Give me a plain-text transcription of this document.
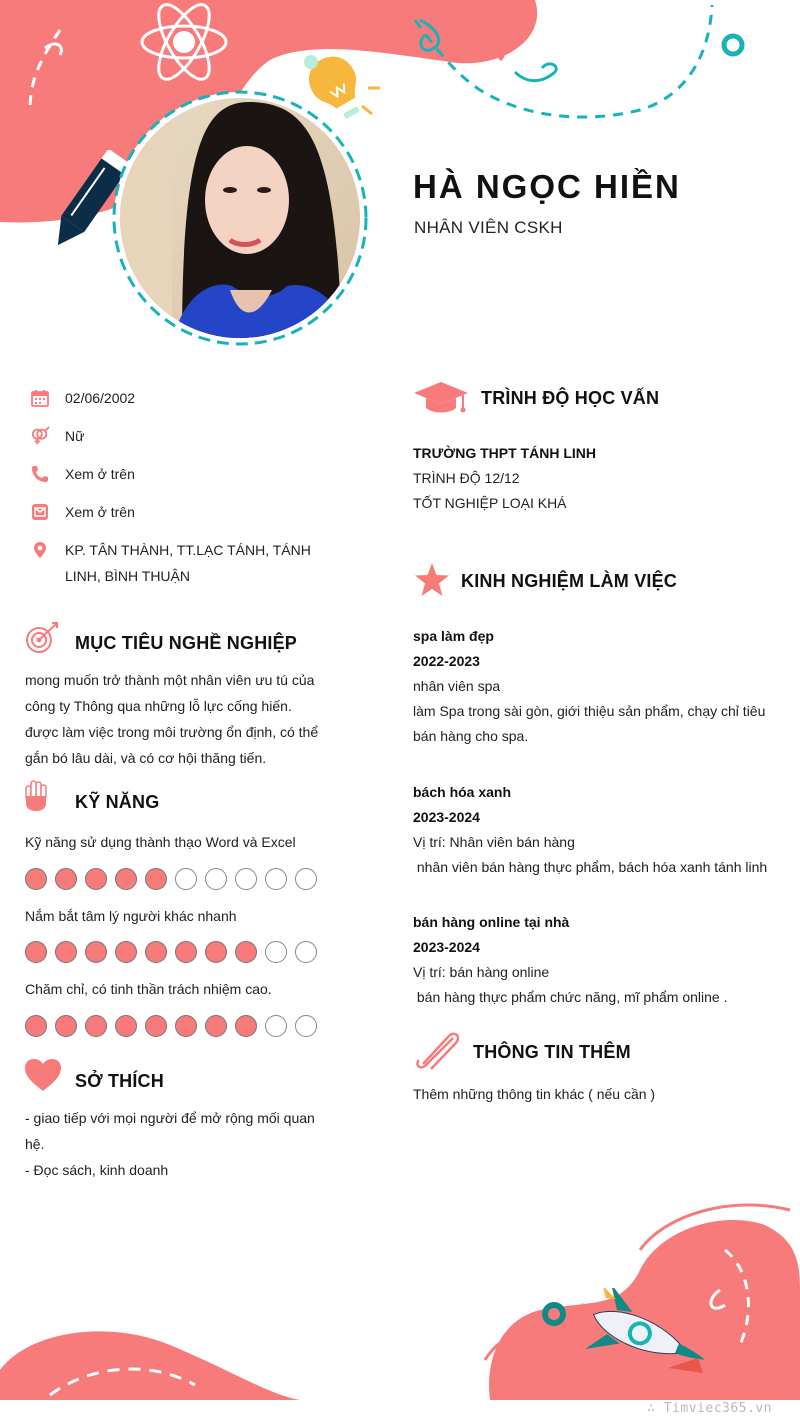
HÀ NGỌC HIỀN
NHÂN VIÊN CSKH
02/06/2002
Nữ
Xem ở trên
Xem ở trên
KP. TÂN THÀNH, TT.LẠC TÁNH, TÁNH LINH, BÌNH THUẬN
MỤC TIÊU NGHỀ NGHIỆP
mong muốn trở thành một nhân viên ưu tú của công ty Thông qua những lỗ lực cống hiến. được làm việc trong môi trường ổn định, có thể gắn bó lâu dài, và có cơ hội thăng tiến.
KỸ NĂNG
Kỹ năng sử dụng thành thạo Word và Excel
Nắm bắt tâm lý người khác nhanh
Chăm chỉ, có tinh thần trách nhiệm cao.
SỞ THÍCH
- giao tiếp với mọi người để mở rộng mối quan hệ.
- Đọc sách, kinh doanh
TRÌNH ĐỘ HỌC VẤN
TRƯỜNG THPT TÁNH LINH
TRÌNH ĐỘ 12/12
TỐT NGHIỆP LOẠI KHÁ
KINH NGHIỆM LÀM VIỆC
spa làm đẹp
2022-2023
nhân viên spa
làm Spa trong sài gòn, giới thiệu sản phẩm, chạy chỉ tiêu bán hàng cho spa.
bách hóa xanh
2023-2024
Vị trí: Nhân viên bán hàng
nhân viên bán hàng thực phẩm, bách hóa xanh tánh linh
bán hàng online tại nhà
2023-2024
Vị trí: bán hàng online
bán hàng thực phẩm chức năng, mĩ phẩm online .
THÔNG TIN THÊM
Thêm những thông tin khác ( nếu cần )
∴ Timviec365.vn
